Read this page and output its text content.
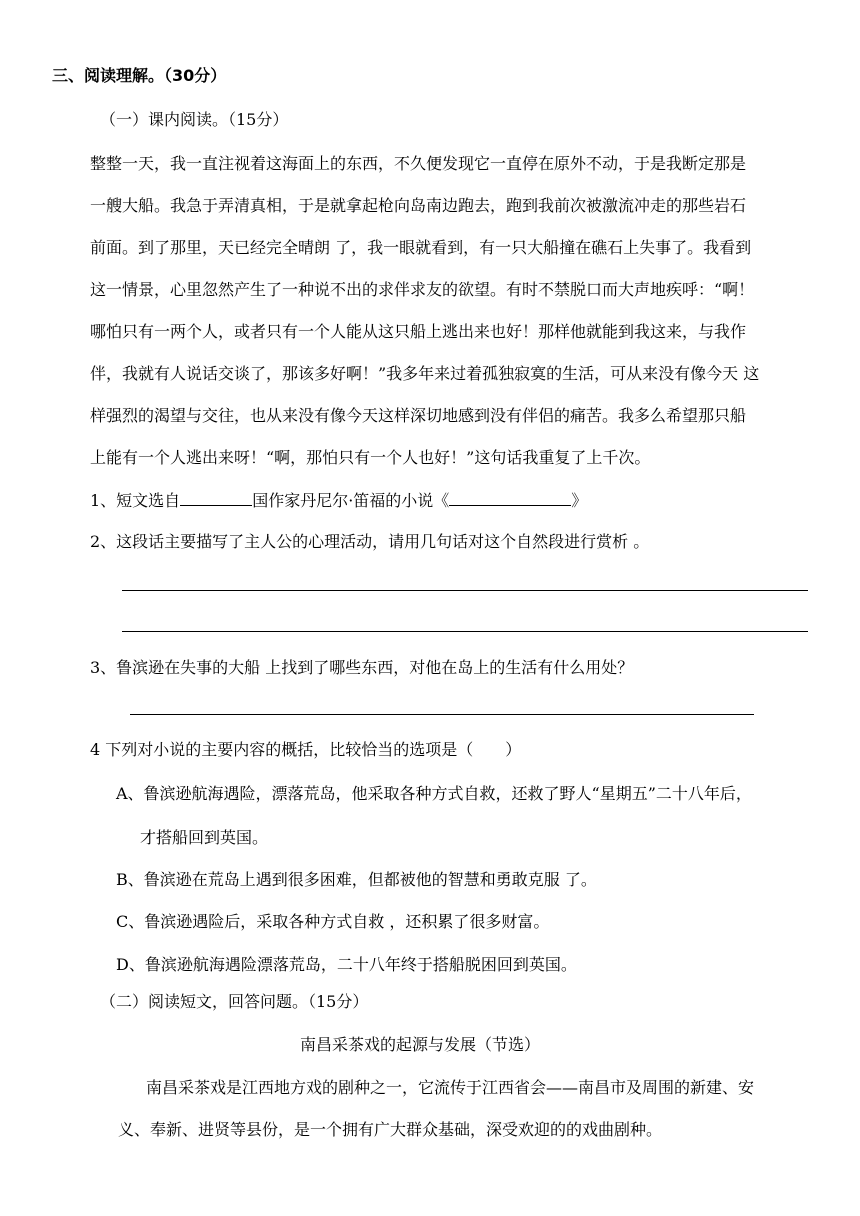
三、阅读理解。（30分）
（一）课内阅读。（15分）
整整一天，我一直注视着这海面上的东西，不久便发现它一直停在原外不动，于是我断定那是
一艘大船。我急于弄清真相，于是就拿起枪向岛南边跑去，跑到我前次被激流冲走的那些岩石
前面。到了那里，天已经完全晴朗 了，我一眼就看到，有一只大船撞在礁石上失事了。我看到
这一情景，心里忽然产生了一种说不出的求伴求友的欲望。有时不禁脱口而大声地疾呼：“啊！
哪怕只有一两个人，或者只有一个人能从这只船上逃出来也好！那样他就能到我这来，与我作
伴，我就有人说话交谈了，那该多好啊！”我多年来过着孤独寂寞的生活，可从来没有像今天 这
样强烈的渴望与交往，也从来没有像今天这样深切地感到没有伴侣的痛苦。我多么希望那只船
上能有一个人逃出来呀！“啊，那怕只有一个人也好！”这句话我重复了上千次。
1、短文选自	国作家丹尼尔·笛福的小说《	》
2、这段话主要描写了主人公的心理活动，请用几句话对这个自然段进行赏析 。
3、鲁滨逊在失事的大船 上找到了哪些东西，对他在岛上的生活有什么用处？
4 下列对小说的主要内容的概括，比较恰当的选项是（　　）
A、鲁滨逊航海遇险，漂落荒岛，他采取各种方式自救，还救了野人“星期五”二十八年后，
才搭船回到英国。
B、鲁滨逊在荒岛上遇到很多困难，但都被他的智慧和勇敢克服 了。
C、鲁滨逊遇险后，采取各种方式自救 ，还积累了很多财富。
D、鲁滨逊航海遇险漂落荒岛，二十八年终于搭船脱困回到英国。
（二）阅读短文，回答问题。（15分）
南昌采茶戏的起源与发展（节选）
南昌采茶戏是江西地方戏的剧种之一，它流传于江西省会——南昌市及周围的新建、安
义、奉新、进贤等县份，是一个拥有广大群众基础，深受欢迎的的戏曲剧种。
